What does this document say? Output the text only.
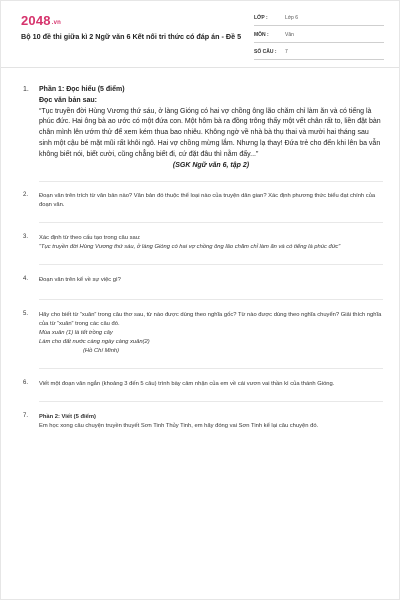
2048.vn
Bộ 10 đề thi giữa kì 2 Ngữ văn 6 Kết nối tri thức có đáp án - Đề 5
LỚP :	Lớp 6
MÔN :	Văn
SỐ CÂU :	7
1. Phần 1: Đọc hiểu (5 điểm)
Đọc văn bản sau:
“Tục truyền đời Hùng Vương thứ sáu, ở làng Gióng có hai vợ chồng ông lão chăm chỉ làm ăn và có tiếng là phúc đức. Hai ông bà ao ước có một đứa con. Một hôm bà ra đồng trông thấy một vết chân rất to, liền đặt bàn chân mình lên ướm thử để xem kém thua bao nhiêu. Không ngờ về nhà bà thụ thai và mười hai tháng sau sinh một cậu bé mặt mũi rất khôi ngô. Hai vợ chồng mừng lắm. Nhưng lạ thay! Đứa trẻ cho đến khi lên ba vẫn không biết nói, biết cười, cũng chẳng biết đi, cứ đặt đâu thì nằm đấy...”
(SGK Ngữ văn 6, tập 2)
2. Đoạn văn trên trích từ văn bản nào? Văn bản đó thuộc thể loại nào của truyện dân gian? Xác định phương thức biểu đạt chính của đoạn văn.
3. Xác định từ theo cấu tạo trong câu sau:
“Tục truyền đời Hùng Vương thứ sáu, ở làng Gióng có hai vợ chồng ông lão chăm chỉ làm ăn và có tiếng là phúc đức”
4. Đoạn văn trên kể về sự việc gì?
5. Hãy cho biết từ “xuân” trong câu thơ sau, từ nào được dùng theo nghĩa gốc? Từ nào được dùng theo nghĩa chuyển? Giải thích nghĩa của từ “xuân” trong các câu đó.
Mùa xuân (1) là tết trồng cây
Làm cho đất nước càng ngày càng xuân(2)
(Hồ Chí Minh)
6. Viết một đoạn văn ngắn (khoảng 3 đến 5 câu) trình bày cảm nhận của em về cái vươn vai thần kì của thánh Gióng.
7. Phần 2: Viết (5 điểm)
Em học xong câu chuyện truyền thuyết Sơn Tinh Thủy Tinh, em hãy đóng vai Sơn Tinh kể lại câu chuyện đó.
